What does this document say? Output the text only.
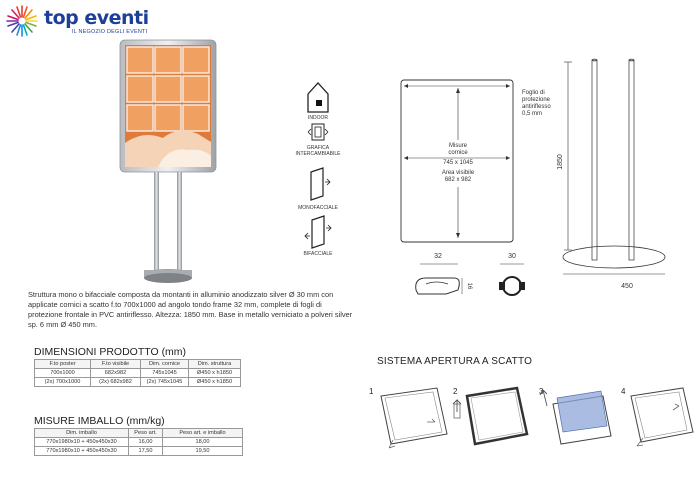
top eventi
IL NEGOZIO DEGLI EVENTI
INDOOR
GRAFICA INTERCAMBIABILE
MONOFACCIALE
BIFACCIALE
Misure
cornice
745 x 1045
Area visibile
682 x 982
Foglio di
protezione
antiriflesso
0,5 mm
1850
450
32
16
30
Struttura mono o bifacciale composta da montanti in alluminio anodizzato silver Ø 30 mm con applicate cornici a scatto f.to 700x1000 ad angolo tondo frame 32 mm, complete di fogli di protezione frontale in PVC antiriflesso. Altezza: 1850 mm. Base in metallo verniciato a polveri silver sp. 6 mm Ø 450 mm.
DIMENSIONI PRODOTTO (mm)
F.to poster	F.to visibile	Dim. cornice	Dim. struttura
700x1000	682x982	745x1045	Ø450 x h1850
(2x) 700x1000	(2x) 682x982	(2x) 745x1045	Ø450 x h1850
MISURE IMBALLO (mm/kg)
Dim. imballo	Peso art.	Peso art. e imballo
770x1980x10 + 450x450x30	16,00	18,00
770x1980x10 + 450x450x30	17,50	19,50
SISTEMA APERTURA A SCATTO
1	2	3	4
